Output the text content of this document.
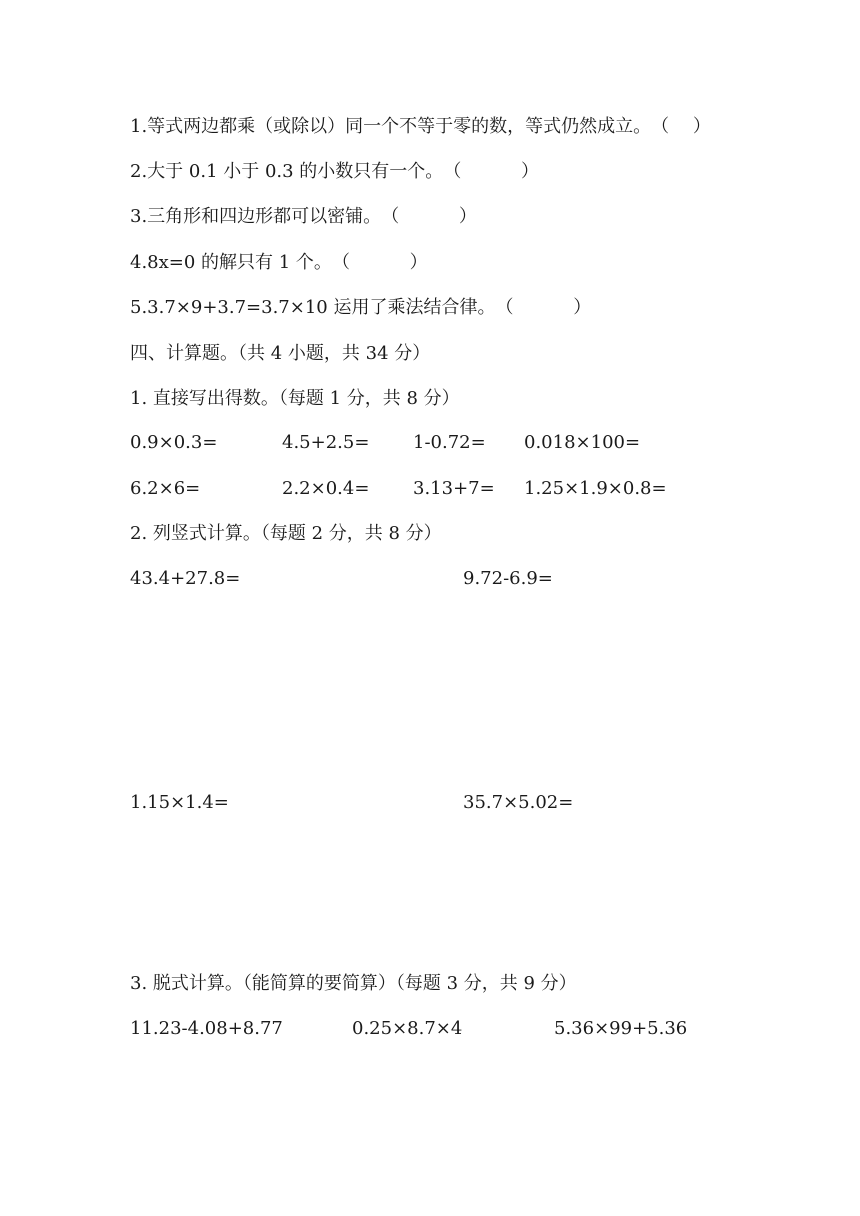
1.等式两边都乘（或除以）同一个不等于零的数，等式仍然成立。（　 ）
2.大于 0.1 小于 0.3 的小数只有一个。（　　　 ）
3.三角形和四边形都可以密铺。（　　　 ）
4.8x=0 的解只有 1 个。（　　　 ）
5.3.7×9+3.7=3.7×10 运用了乘法结合律。（　　　 ）
四、计算题。（共 4 小题，共 34 分）
1. 直接写出得数。（每题 1 分，共 8 分）
0.9×0.3=	4.5+2.5= 1-0.72= 0.018×100=
6.2×6=	2.2×0.4= 3.13+7= 1.25×1.9×0.8=
2. 列竖式计算。（每题 2 分，共 8 分）
43.4+27.8=	9.72-6.9=
1.15×1.4=	35.7×5.02=
3. 脱式计算。（能简算的要简算）（每题 3 分，共 9 分）
11.23-4.08+8.77	0.25×8.7×4	5.36×99+5.36
